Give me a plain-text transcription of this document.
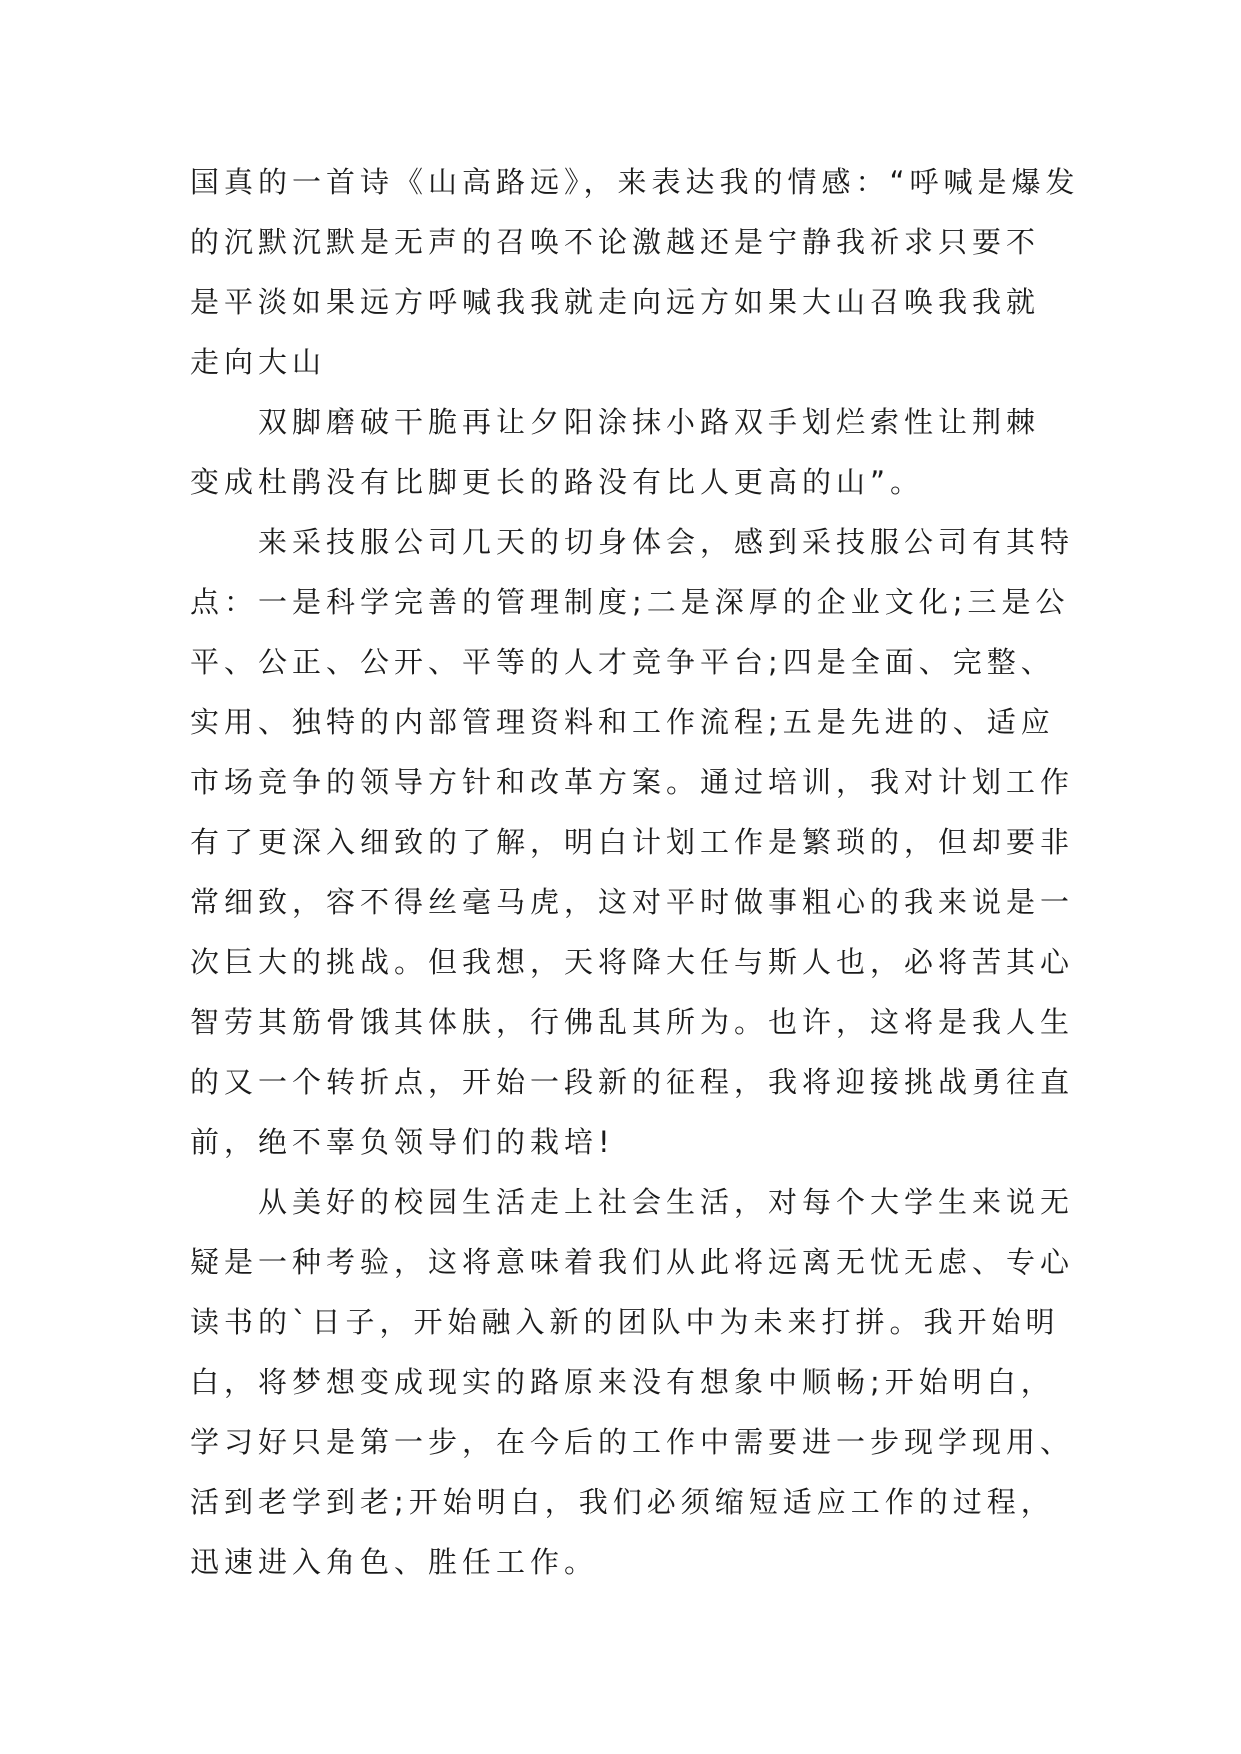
国真的一首诗《山高路远》，来表达我的情感：“呼喊是爆发
的沉默沉默是无声的召唤不论激越还是宁静我祈求只要不
是平淡如果远方呼喊我我就走向远方如果大山召唤我我就
走向大山
双脚磨破干脆再让夕阳涂抹小路双手划烂索性让荆棘
变成杜鹃没有比脚更长的路没有比人更高的山”。
来采技服公司几天的切身体会，感到采技服公司有其特
点：一是科学完善的管理制度;二是深厚的企业文化;三是公
平、公正、公开、平等的人才竞争平台;四是全面、完整、
实用、独特的内部管理资料和工作流程;五是先进的、适应
市场竞争的领导方针和改革方案。通过培训，我对计划工作
有了更深入细致的了解，明白计划工作是繁琐的，但却要非
常细致，容不得丝毫马虎，这对平时做事粗心的我来说是一
次巨大的挑战。但我想，天将降大任与斯人也，必将苦其心
智劳其筋骨饿其体肤，行佛乱其所为。也许，这将是我人生
的又一个转折点，开始一段新的征程，我将迎接挑战勇往直
前，绝不辜负领导们的栽培!
从美好的校园生活走上社会生活，对每个大学生来说无
疑是一种考验，这将意味着我们从此将远离无忧无虑、专心
读书的`日子，开始融入新的团队中为未来打拼。我开始明
白，将梦想变成现实的路原来没有想象中顺畅;开始明白，
学习好只是第一步，在今后的工作中需要进一步现学现用、
活到老学到老;开始明白，我们必须缩短适应工作的过程，
迅速进入角色、胜任工作。
